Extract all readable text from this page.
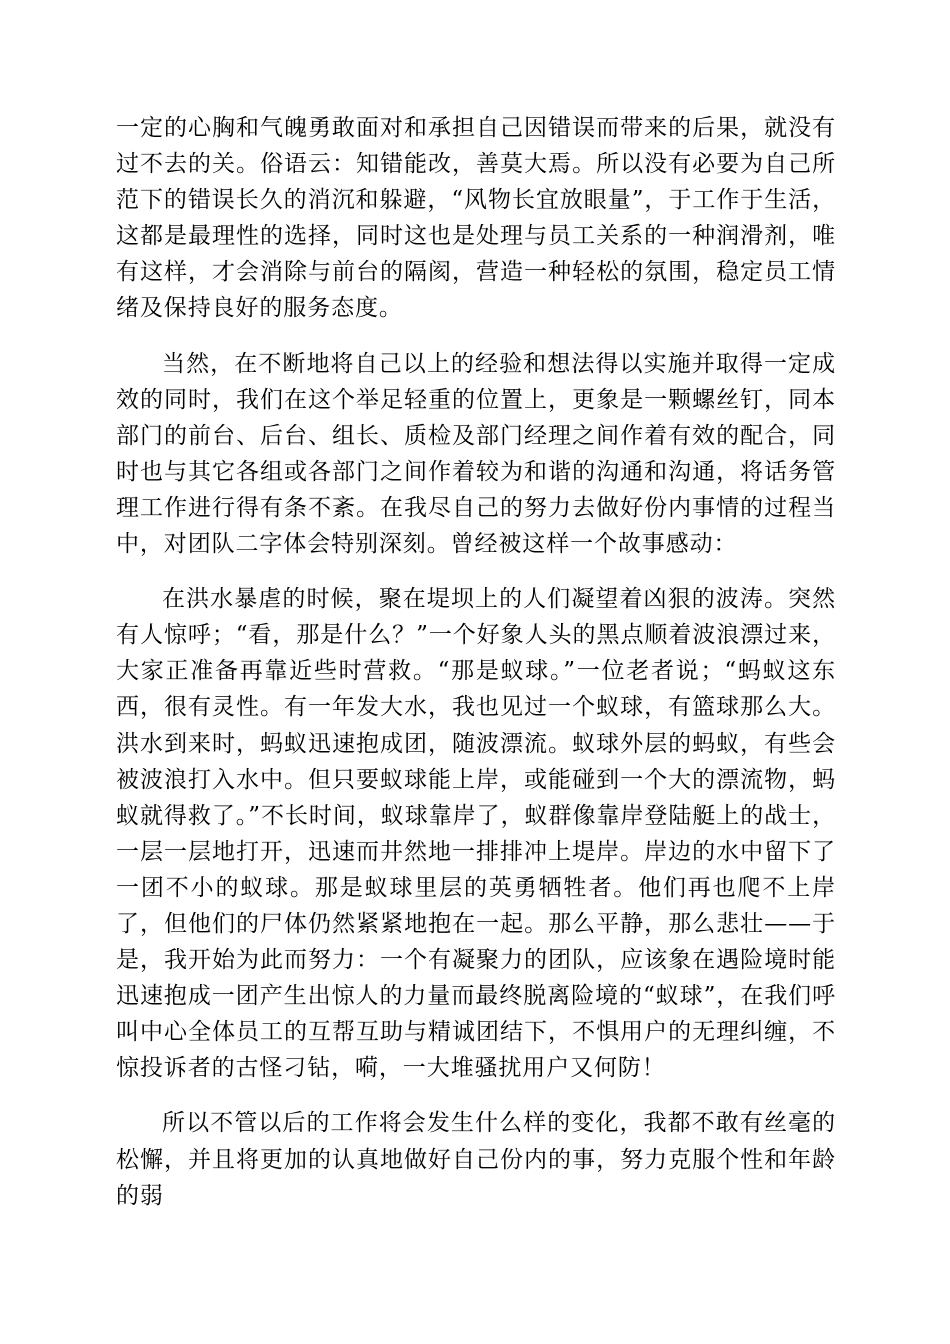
一定的心胸和气魄勇敢面对和承担自己因错误而带来的后果，就没有过不去的关。俗语云：知错能改，善莫大焉。所以没有必要为自己所范下的错误长久的消沉和躲避，“风物长宜放眼量”，于工作于生活，这都是最理性的选择，同时这也是处理与员工关系的一种润滑剂，唯有这样，才会消除与前台的隔阂，营造一种轻松的氛围，稳定员工情绪及保持良好的服务态度。

当然，在不断地将自己以上的经验和想法得以实施并取得一定成效的同时，我们在这个举足轻重的位置上，更象是一颗螺丝钉，同本部门的前台、后台、组长、质检及部门经理之间作着有效的配合，同时也与其它各组或各部门之间作着较为和谐的沟通和沟通，将话务管理工作进行得有条不紊。在我尽自己的努力去做好份内事情的过程当中，对团队二字体会特别深刻。曾经被这样一个故事感动：

在洪水暴虐的时候，聚在堤坝上的人们凝望着凶狠的波涛。突然有人惊呼；“看，那是什么？”一个好象人头的黑点顺着波浪漂过来，大家正准备再靠近些时营救。“那是蚁球。”一位老者说；“蚂蚁这东西，很有灵性。有一年发大水，我也见过一个蚁球，有篮球那么大。洪水到来时，蚂蚁迅速抱成团，随波漂流。蚁球外层的蚂蚁，有些会被波浪打入水中。但只要蚁球能上岸，或能碰到一个大的漂流物，蚂蚁就得救了。”不长时间，蚁球靠岸了，蚁群像靠岸登陆艇上的战士，一层一层地打开，迅速而井然地一排排冲上堤岸。岸边的水中留下了一团不小的蚁球。那是蚁球里层的英勇牺牲者。他们再也爬不上岸了，但他们的尸体仍然紧紧地抱在一起。那么平静，那么悲壮——于是，我开始为此而努力：一个有凝聚力的团队，应该象在遇险境时能迅速抱成一团产生出惊人的力量而最终脱离险境的“蚁球”，在我们呼叫中心全体员工的互帮互助与精诚团结下，不惧用户的无理纠缠，不惊投诉者的古怪刁钻，嗬，一大堆骚扰用户又何防！

所以不管以后的工作将会发生什么样的变化，我都不敢有丝毫的松懈，并且将更加的认真地做好自己份内的事，努力克服个性和年龄的弱
